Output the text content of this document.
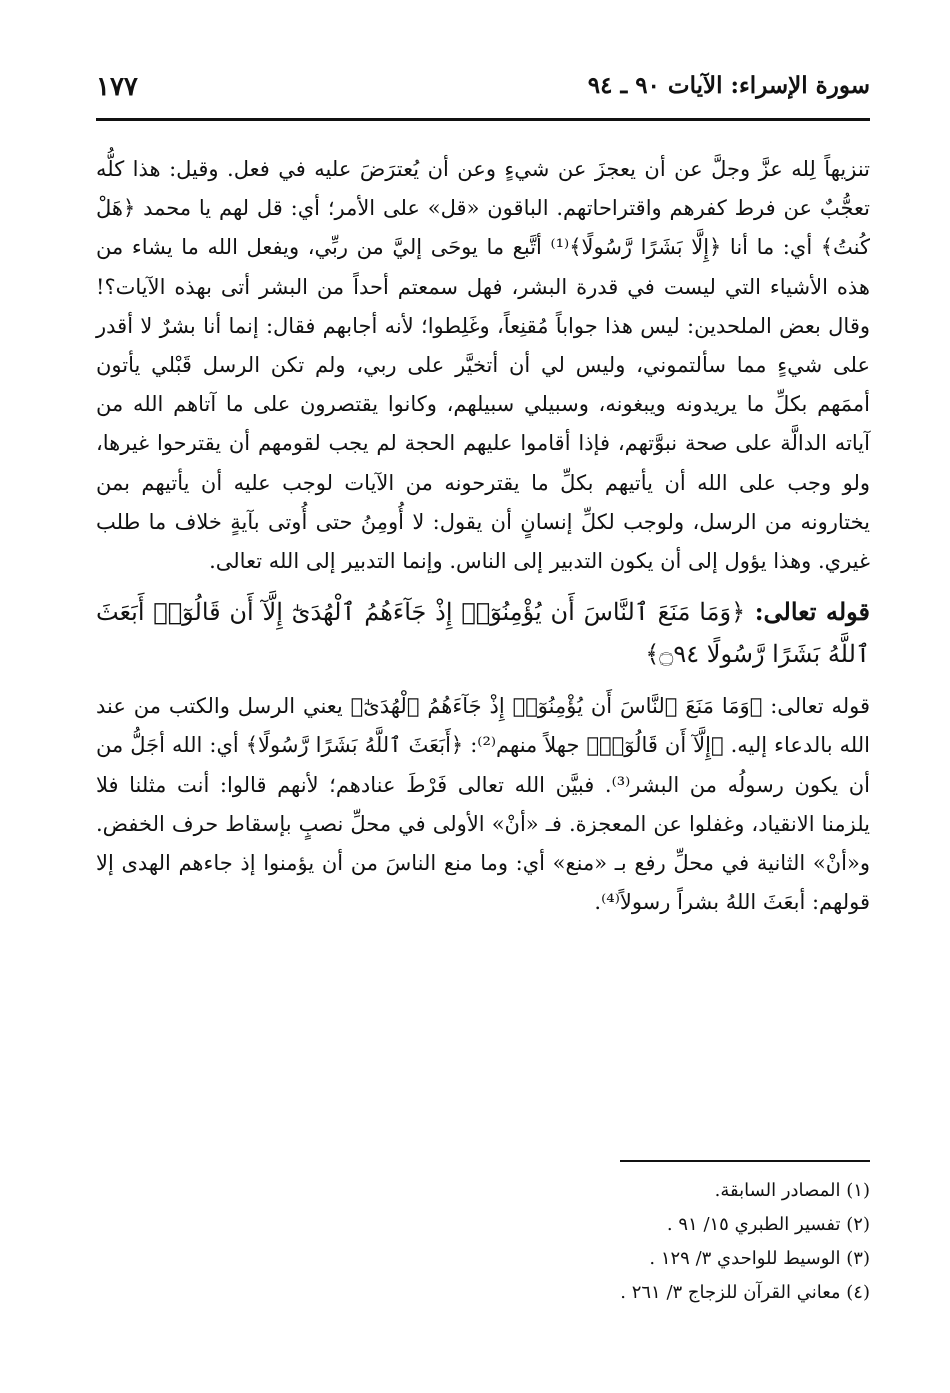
سورة الإسراء: الآيات ٩٠ ـ ٩٤
١٧٧

تنزيهاً لِله عزَّ وجلَّ عن أن يعجزَ عن شيءٍ وعن أن يُعترَضَ عليه في فعل. وقيل: هذا كلُّه تعجُّبٌ عن فرط كفرهم واقتراحاتهم. الباقون «قل» على الأمر؛ أي: قل لهم يا محمد ﴿هَلْ كُنتُ﴾ أي: ما أنا ﴿إِلَّا بَشَرًا رَّسُولًا﴾⁽¹⁾ أتَّبع ما يوحَى إليَّ من ربِّي، ويفعل الله ما يشاء من هذه الأشياء التي ليست في قدرة البشر، فهل سمعتم أحداً من البشر أتى بهذه الآيات؟! وقال بعض الملحدين: ليس هذا جواباً مُقنِعاً، وغَلِطوا؛ لأنه أجابهم فقال: إنما أنا بشرٌ لا أقدر على شيءٍ مما سألتموني، وليس لي أن أتخيَّر على ربي، ولم تكن الرسل قَبْلي يأتون أممَهم بكلِّ ما يريدونه ويبغونه، وسبيلي سبيلهم، وكانوا يقتصرون على ما آتاهم الله من آياته الدالَّة على صحة نبوَّتهم، فإذا أقاموا عليهم الحجة لم يجب لقومهم أن يقترحوا غيرها، ولو وجب على الله أن يأتيهم بكلِّ ما يقترحونه من الآيات لوجب عليه أن يأتيهم بمن يختارونه من الرسل، ولوجب لكلِّ إنسانٍ أن يقول: لا أُومِنُ حتى أُوتى بآيةٍ خلاف ما طلب غيري. وهذا يؤول إلى أن يكون التدبير إلى الناس. وإنما التدبير إلى الله تعالى.

قوله تعالى: ﴿وَمَا مَنَعَ ٱلنَّاسَ أَن يُؤْمِنُوٓا۟ إِذْ جَآءَهُمُ ٱلْهُدَىٰٓ إِلَّآ أَن قَالُوٓا۟ أَبَعَثَ ٱللَّهُ بَشَرًا رَّسُولًا ۝٩٤﴾

قوله تعالى: ﴿وَمَا مَنَعَ ٱلنَّاسَ أَن يُؤْمِنُوٓا۟ إِذْ جَآءَهُمُ ٱلْهُدَىٰٓ﴾ يعني الرسل والكتب من عند الله بالدعاء إليه. ﴿إِلَّآ أَن قَالُوٓا۟﴾ جهلاً منهم⁽²⁾: ﴿أَبَعَثَ ٱللَّهُ بَشَرًا رَّسُولًا﴾ أي: الله أجَلُّ من أن يكون رسولُه من البشر⁽³⁾. فبيَّن الله تعالى فَرْطَ عنادهم؛ لأنهم قالوا: أنت مثلنا فلا يلزمنا الانقياد، وغفلوا عن المعجزة. فـ «أنْ» الأولى في محلِّ نصبٍ بإسقاط حرف الخفض. و«أنْ» الثانية في محلِّ رفع بـ «منع» أي: وما منع الناسَ من أن يؤمنوا إذ جاءهم الهدى إلا قولهم: أبعَثَ اللهُ بشراً رسولاً⁽⁴⁾.

(١) المصادر السابقة.

(٢) تفسير الطبري ١٥/ ٩١ .

(٣) الوسيط للواحدي ٣/ ١٢٩ .

(٤) معاني القرآن للزجاج ٣/ ٢٦١ .
